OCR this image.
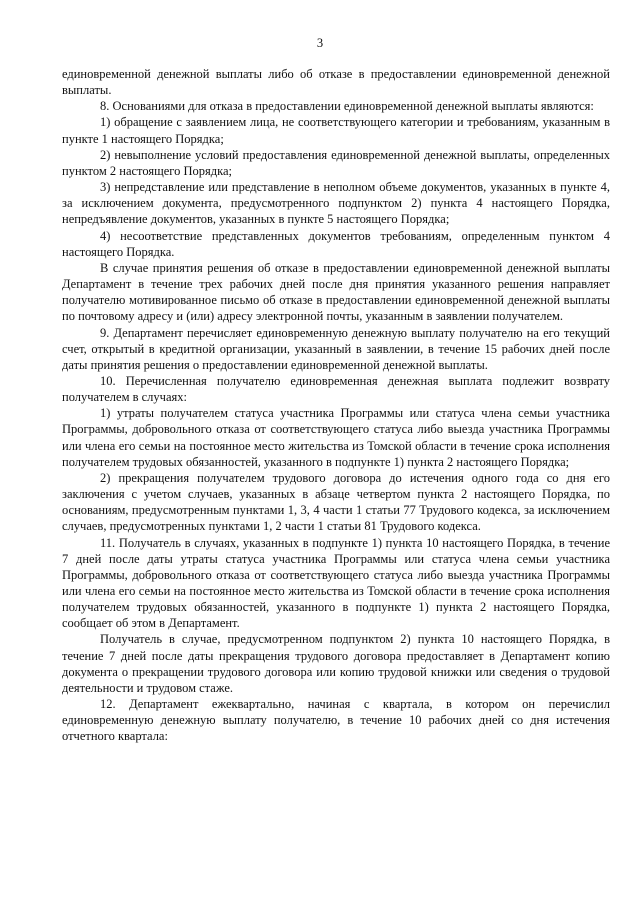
3

единовременной денежной выплаты либо об отказе в предоставлении единовременной денежной выплаты.

8. Основаниями для отказа в предоставлении единовременной денежной выплаты являются:

1) обращение с заявлением лица, не соответствующего категории и требованиям, указанным в пункте 1 настоящего Порядка;

2) невыполнение условий предоставления единовременной денежной выплаты, определенных пунктом 2 настоящего Порядка;

3) непредставление или представление в неполном объеме документов, указанных в пункте 4, за исключением документа, предусмотренного подпунктом 2) пункта 4 настоящего Порядка, непредъявление документов, указанных в пункте 5 настоящего Порядка;

4) несоответствие представленных документов требованиям, определенным пунктом 4 настоящего Порядка.

В случае принятия решения об отказе в предоставлении единовременной денежной выплаты Департамент в течение трех рабочих дней после дня принятия указанного решения направляет получателю мотивированное письмо об отказе в предоставлении единовременной денежной выплаты по почтовому адресу и (или) адресу электронной почты, указанным в заявлении получателем.

9. Департамент перечисляет единовременную денежную выплату получателю на его текущий счет, открытый в кредитной организации, указанный в заявлении, в течение 15 рабочих дней после даты принятия решения о предоставлении единовременной денежной выплаты.

10. Перечисленная получателю единовременная денежная выплата подлежит возврату получателем в случаях:

1) утраты получателем статуса участника Программы или статуса члена семьи участника Программы, добровольного отказа от соответствующего статуса либо выезда участника Программы или члена его семьи на постоянное место жительства из Томской области в течение срока исполнения получателем трудовых обязанностей, указанного в подпункте 1) пункта 2 настоящего Порядка;

2) прекращения получателем трудового договора до истечения одного года со дня его заключения с учетом случаев, указанных в абзаце четвертом пункта 2 настоящего Порядка, по основаниям, предусмотренным пунктами 1, 3, 4 части 1 статьи 77 Трудового кодекса, за исключением случаев, предусмотренных пунктами 1, 2 части 1 статьи 81 Трудового кодекса.

11. Получатель в случаях, указанных в подпункте 1) пункта 10 настоящего Порядка, в течение 7 дней после даты утраты статуса участника Программы или статуса члена семьи участника Программы, добровольного отказа от соответствующего статуса либо выезда участника Программы или члена его семьи на постоянное место жительства из Томской области в течение срока исполнения получателем трудовых обязанностей, указанного в подпункте 1) пункта 2 настоящего Порядка, сообщает об этом в Департамент.

Получатель в случае, предусмотренном подпунктом 2) пункта 10 настоящего Порядка, в течение 7 дней после даты прекращения трудового договора предоставляет в Департамент копию документа о прекращении трудового договора или копию трудовой книжки или сведения о трудовой деятельности и трудовом стаже.

12. Департамент ежеквартально, начиная с квартала, в котором он перечислил единовременную денежную выплату получателю, в течение 10 рабочих дней со дня истечения отчетного квартала:
